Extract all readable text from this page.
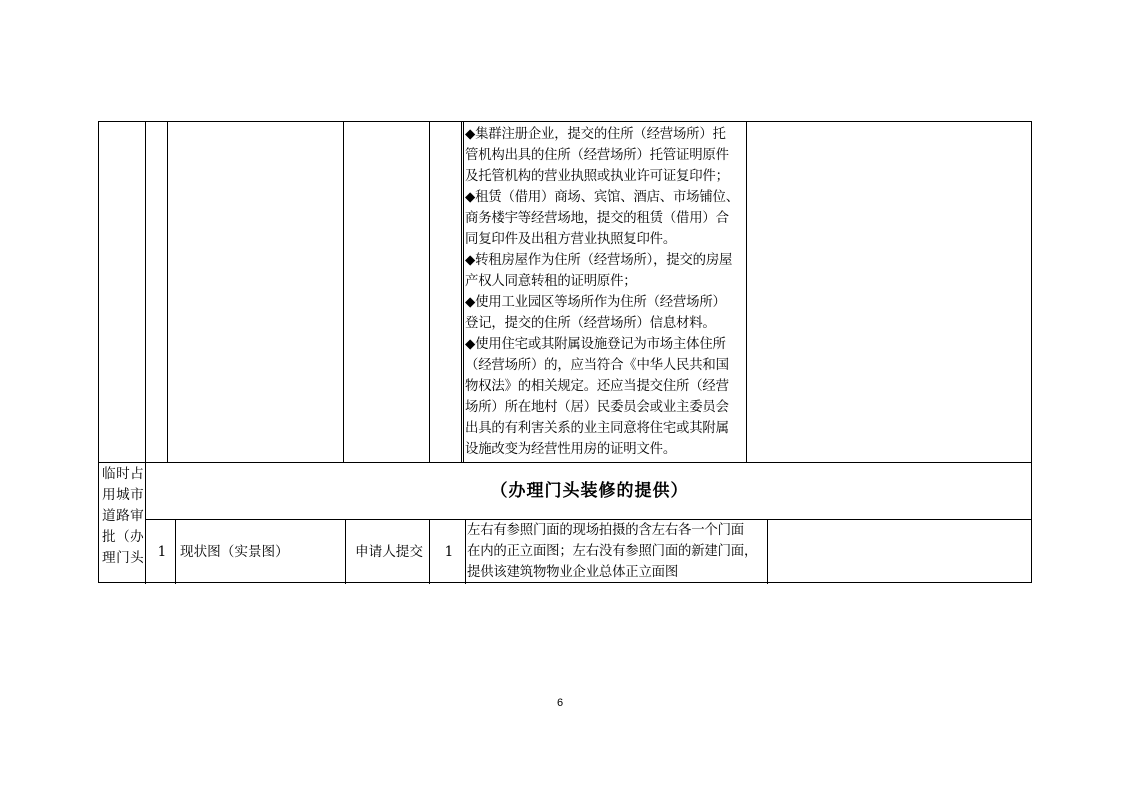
◆集群注册企业，提交的住所（经营场所）托
管机构出具的住所（经营场所）托管证明原件
及托管机构的营业执照或执业许可证复印件；
◆租赁（借用）商场、宾馆、酒店、市场铺位、
商务楼宇等经营场地，提交的租赁（借用）合
同复印件及出租方营业执照复印件。
◆转租房屋作为住所（经营场所），提交的房屋
产权人同意转租的证明原件；
◆使用工业园区等场所作为住所（经营场所）
登记，提交的住所（经营场所）信息材料。
◆使用住宅或其附属设施登记为市场主体住所
（经营场所）的，应当符合《中华人民共和国
物权法》的相关规定。还应当提交住所（经营
场所）所在地村（居）民委员会或业主委员会
出具的有利害关系的业主同意将住宅或其附属
设施改变为经营性用房的证明文件。
临时占
用城市
道路审
批（办
理门头
（办理门头装修的提供）
1	现状图（实景图）	申请人提交	1
左右有参照门面的现场拍摄的含左右各一个门面
在内的正立面图；左右没有参照门面的新建门面，
提供该建筑物物业企业总体正立面图
6
